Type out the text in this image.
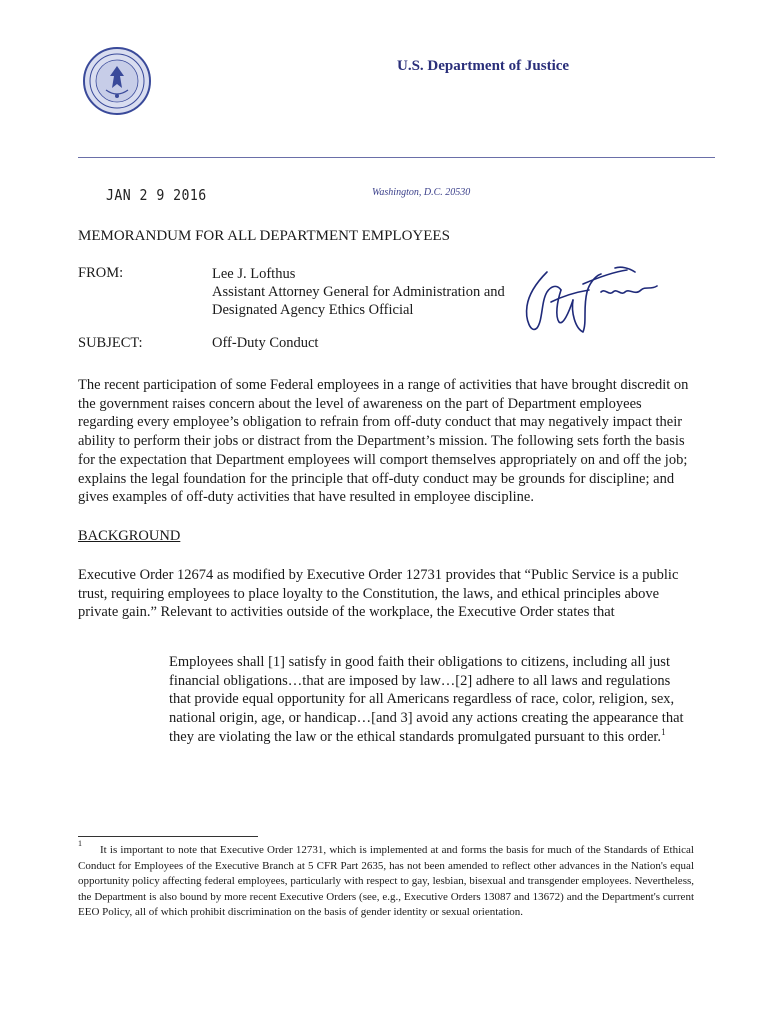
U.S. Department of Justice
JAN 2 9 2016	Washington, D.C. 20530
MEMORANDUM FOR ALL DEPARTMENT EMPLOYEES
FROM:	Lee J. Lofthus
Assistant Attorney General for Administration and
Designated Agency Ethics Official
SUBJECT:	Off-Duty Conduct
The recent participation of some Federal employees in a range of activities that have brought discredit on the government raises concern about the level of awareness on the part of Department employees regarding every employee’s obligation to refrain from off-duty conduct that may negatively impact their ability to perform their jobs or distract from the Department’s mission. The following sets forth the basis for the expectation that Department employees will comport themselves appropriately on and off the job; explains the legal foundation for the principle that off-duty conduct may be grounds for discipline; and gives examples of off-duty activities that have resulted in employee discipline.
BACKGROUND
Executive Order 12674 as modified by Executive Order 12731 provides that “Public Service is a public trust, requiring employees to place loyalty to the Constitution, the laws, and ethical principles above private gain.” Relevant to activities outside of the workplace, the Executive Order states that
Employees shall [1] satisfy in good faith their obligations to citizens, including all just financial obligations…that are imposed by law…[2] adhere to all laws and regulations that provide equal opportunity for all Americans regardless of race, color, religion, sex, national origin, age, or handicap…[and 3] avoid any actions creating the appearance that they are violating the law or the ethical standards promulgated pursuant to this order.$^1$
1
It is important to note that Executive Order 12731, which is implemented at and forms the basis for much of the Standards of Ethical Conduct for Employees of the Executive Branch at 5 CFR Part 2635, has not been amended to reflect other advances in the Nation's equal opportunity policy affecting federal employees, particularly with respect to gay, lesbian, bisexual and transgender employees. Nevertheless, the Department is also bound by more recent Executive Orders (see, e.g., Executive Orders 13087 and 13672) and the Department's current EEO Policy, all of which prohibit discrimination on the basis of gender identity or sexual orientation.
